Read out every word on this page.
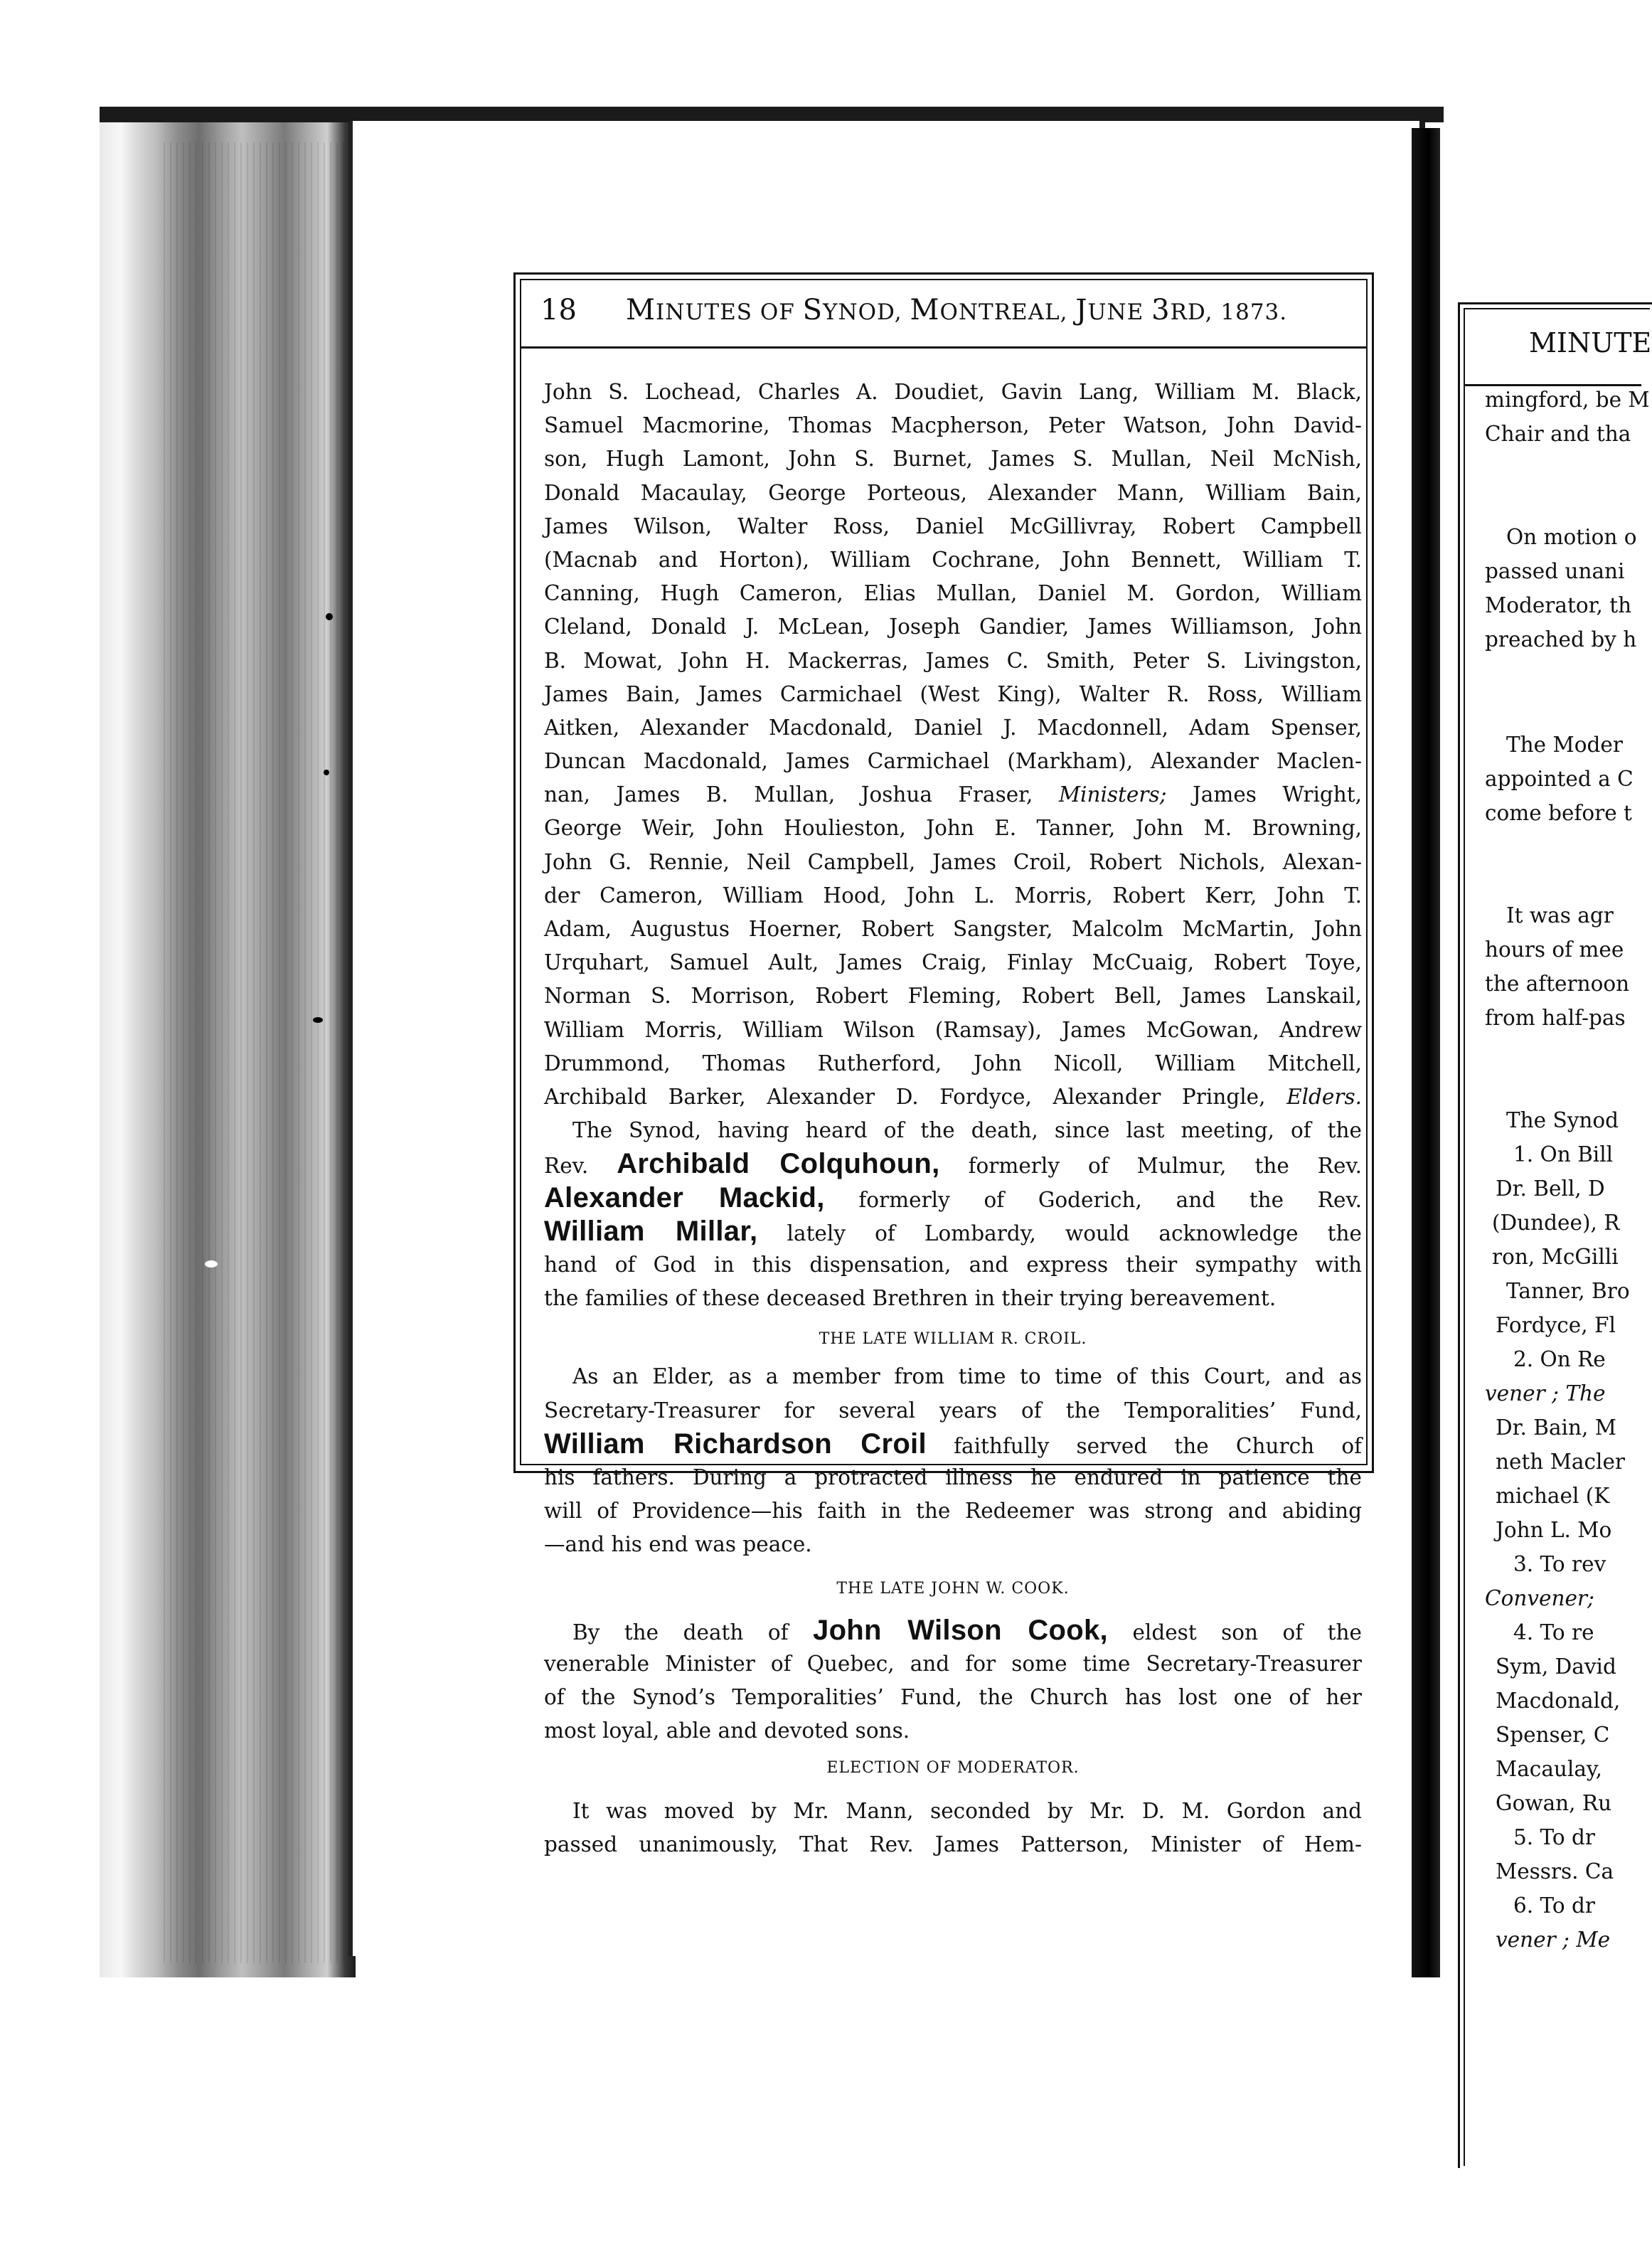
18 MINUTES OF SYNOD, MONTREAL, JUNE 3RD, 1873.
John S. Lochead, Charles A. Doudiet, Gavin Lang, William M. Black,
Samuel Macmorine, Thomas Macpherson, Peter Watson, John David-
son, Hugh Lamont, John S. Burnet, James S. Mullan, Neil McNish,
Donald Macaulay, George Porteous, Alexander Mann, William Bain,
James Wilson, Walter Ross, Daniel McGillivray, Robert Campbell
(Macnab and Horton), William Cochrane, John Bennett, William T.
Canning, Hugh Cameron, Elias Mullan, Daniel M. Gordon, William
Cleland, Donald J. McLean, Joseph Gandier, James Williamson, John
B. Mowat, John H. Mackerras, James C. Smith, Peter S. Livingston,
James Bain, James Carmichael (West King), Walter R. Ross, William
Aitken, Alexander Macdonald, Daniel J. Macdonnell, Adam Spenser,
Duncan Macdonald, James Carmichael (Markham), Alexander Maclen-
nan, James B. Mullan, Joshua Fraser, Ministers; James Wright,
George Weir, John Houlieston, John E. Tanner, John M. Browning,
John G. Rennie, Neil Campbell, James Croil, Robert Nichols, Alexan-
der Cameron, William Hood, John L. Morris, Robert Kerr, John T.
Adam, Augustus Hoerner, Robert Sangster, Malcolm McMartin, John
Urquhart, Samuel Ault, James Craig, Finlay McCuaig, Robert Toye,
Norman S. Morrison, Robert Fleming, Robert Bell, James Lanskail,
William Morris, William Wilson (Ramsay), James McGowan, Andrew
Drummond, Thomas Rutherford, John Nicoll, William Mitchell,
Archibald Barker, Alexander D. Fordyce, Alexander Pringle, Elders.
The Synod, having heard of the death, since last meeting, of the
Rev. Archibald Colquhoun, formerly of Mulmur, the Rev.
Alexander Mackid, formerly of Goderich, and the Rev.
William Millar, lately of Lombardy, would acknowledge the
hand of God in this dispensation, and express their sympathy with
the families of these deceased Brethren in their trying bereavement.
THE LATE WILLIAM R. CROIL.
As an Elder, as a member from time to time of this Court, and as
Secretary-Treasurer for several years of the Temporalities’ Fund,
William Richardson Croil faithfully served the Church of
his fathers. During a protracted illness he endured in patience the
will of Providence—his faith in the Redeemer was strong and abiding
—and his end was peace.
THE LATE JOHN W. COOK.
By the death of John Wilson Cook, eldest son of the
venerable Minister of Quebec, and for some time Secretary-Treasurer
of the Synod’s Temporalities’ Fund, the Church has lost one of her
most loyal, able and devoted sons.
ELECTION OF MODERATOR.
It was moved by Mr. Mann, seconded by Mr. D. M. Gordon and
passed unanimously, That Rev. James Patterson, Minister of Hem-
MINUTE
mingford, be M
Chair and tha
On motion o
passed unani
Moderator, th
preached by h
The Moder
appointed a C
come before t
It was agr
hours of mee
the afternoon
from half-pas
The Synod
1. On Bill
Dr. Bell, D
(Dundee), R
ron, McGilli
Tanner, Bro
Fordyce, Fl
2. On Re
vener ; The
Dr. Bain, M
neth Macler
michael (K
John L. Mo
3. To rev
Convener;
4. To re
Sym, David
Macdonald,
Spenser, C
Macaulay,
Gowan, Ru
5. To dr
Messrs. Ca
6. To dr
vener ; Me
